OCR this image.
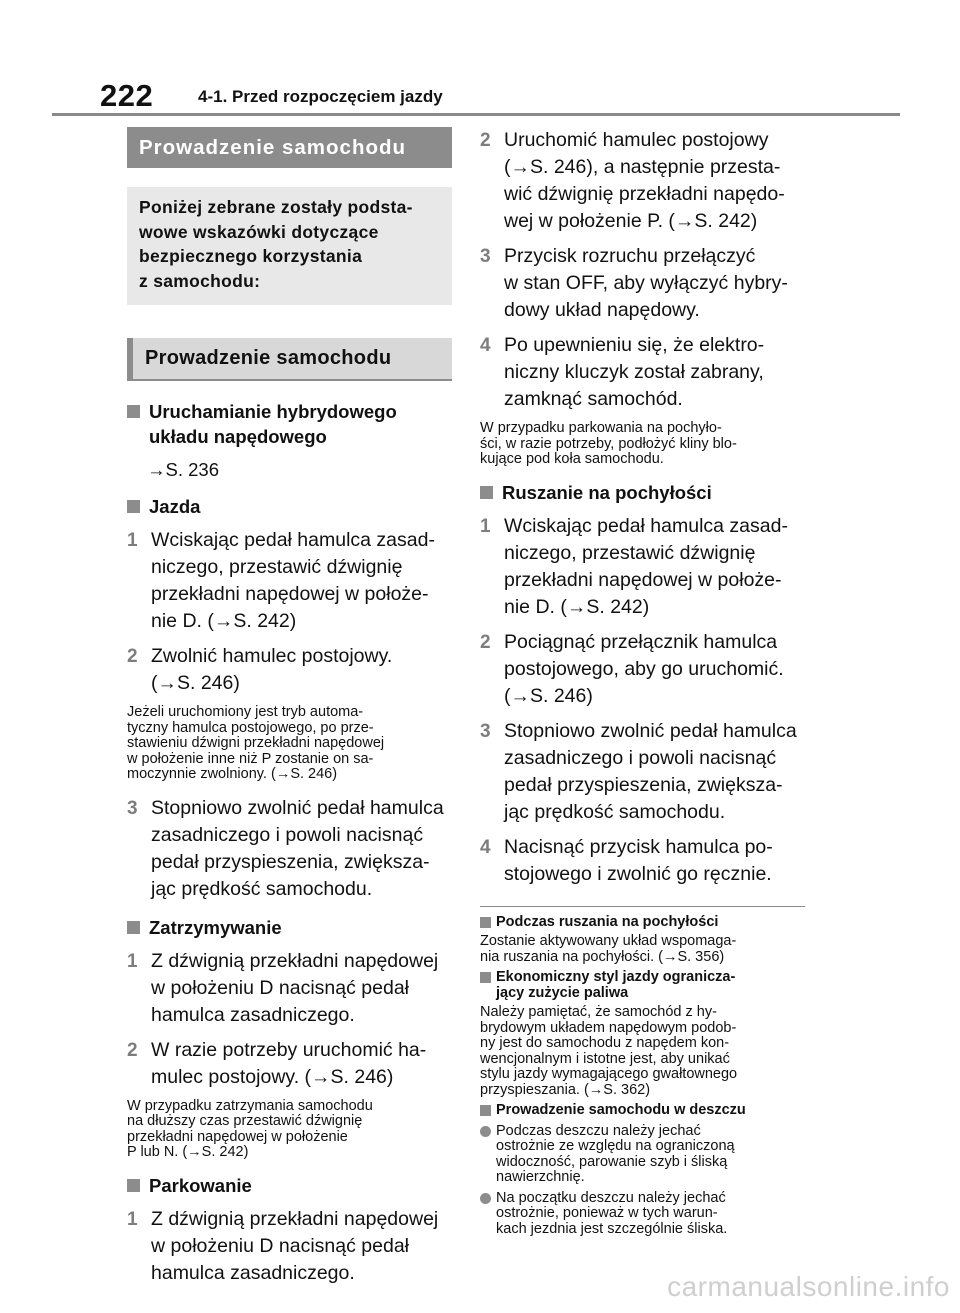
222	4-1. Przed rozpoczęciem jazdy
Prowadzenie samochodu
Poniżej zebrane zostały podsta-
wowe wskazówki dotyczące
bezpiecznego korzystania
z samochodu:
Prowadzenie samochodu
Uruchamianie hybrydowego
układu napędowego
→S. 236
Jazda
1 Wciskając pedał hamulca zasad-
niczego, przestawić dźwignię
przekładni napędowej w położe-
nie D. (→S. 242)
2 Zwolnić hamulec postojowy.
(→S. 246)
Jeżeli uruchomiony jest tryb automa-
tyczny hamulca postojowego, po prze-
stawieniu dźwigni przekładni napędowej
w położenie inne niż P zostanie on sa-
moczynnie zwolniony. (→S. 246)
3 Stopniowo zwolnić pedał hamulca
zasadniczego i powoli nacisnąć
pedał przyspieszenia, zwiększa-
jąc prędkość samochodu.
Zatrzymywanie
1 Z dźwignią przekładni napędowej
w położeniu D nacisnąć pedał
hamulca zasadniczego.
2 W razie potrzeby uruchomić ha-
mulec postojowy. (→S. 246)
W przypadku zatrzymania samochodu
na dłuższy czas przestawić dźwignię
przekładni napędowej w położenie
P lub N. (→S. 242)
Parkowanie
1 Z dźwignią przekładni napędowej
w położeniu D nacisnąć pedał
hamulca zasadniczego.
2 Uruchomić hamulec postojowy
(→S. 246), a następnie przesta-
wić dźwignię przekładni napędo-
wej w położenie P. (→S. 242)
3 Przycisk rozruchu przełączyć
w stan OFF, aby wyłączyć hybry-
dowy układ napędowy.
4 Po upewnieniu się, że elektro-
niczny kluczyk został zabrany,
zamknąć samochód.
W przypadku parkowania na pochyło-
ści, w razie potrzeby, podłożyć kliny blo-
kujące pod koła samochodu.
Ruszanie na pochyłości
1 Wciskając pedał hamulca zasad-
niczego, przestawić dźwignię
przekładni napędowej w położe-
nie D. (→S. 242)
2 Pociągnąć przełącznik hamulca
postojowego, aby go uruchomić.
(→S. 246)
3 Stopniowo zwolnić pedał hamulca
zasadniczego i powoli nacisnąć
pedał przyspieszenia, zwiększa-
jąc prędkość samochodu.
4 Nacisnąć przycisk hamulca po-
stojowego i zwolnić go ręcznie.
Podczas ruszania na pochyłości
Zostanie aktywowany układ wspomaga-
nia ruszania na pochyłości. (→S. 356)
Ekonomiczny styl jazdy ogranicza-
jący zużycie paliwa
Należy pamiętać, że samochód z hy-
brydowym układem napędowym podob-
ny jest do samochodu z napędem kon-
wencjonalnym i istotne jest, aby unikać
stylu jazdy wymagającego gwałtownego
przyspieszania. (→S. 362)
Prowadzenie samochodu w deszczu
Podczas deszczu należy jechać
ostrożnie ze względu na ograniczoną
widoczność, parowanie szyb i śliską
nawierzchnię.
Na początku deszczu należy jechać
ostrożnie, ponieważ w tych warun-
kach jezdnia jest szczególnie śliska.
carmanualsonline.info
